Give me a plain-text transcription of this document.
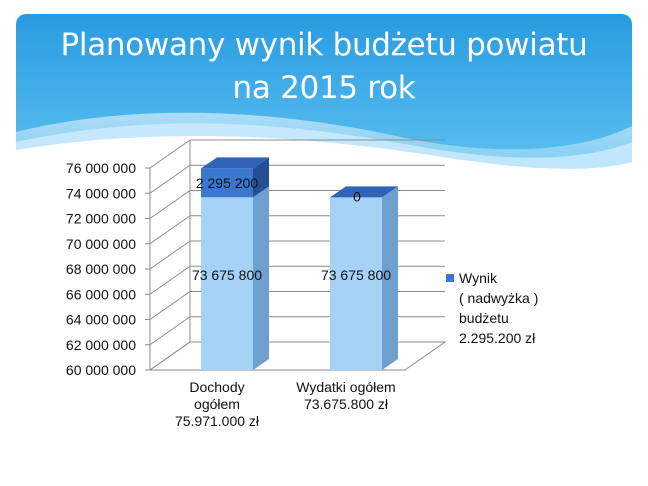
Planowany wynik budżetu powiatu
na 2015 rok
60 000 000
62 000 000
64 000 000
66 000 000
68 000 000
70 000 000
72 000 000
74 000 000
76 000 000
73 675 800
2 295 200
73 675 800
0
Dochody
ogółem
75.971.000 zł
Wydatki ogółem
73.675.800 zł
Wynik
( nadwyżka )
budżetu
2.295.200 zł
